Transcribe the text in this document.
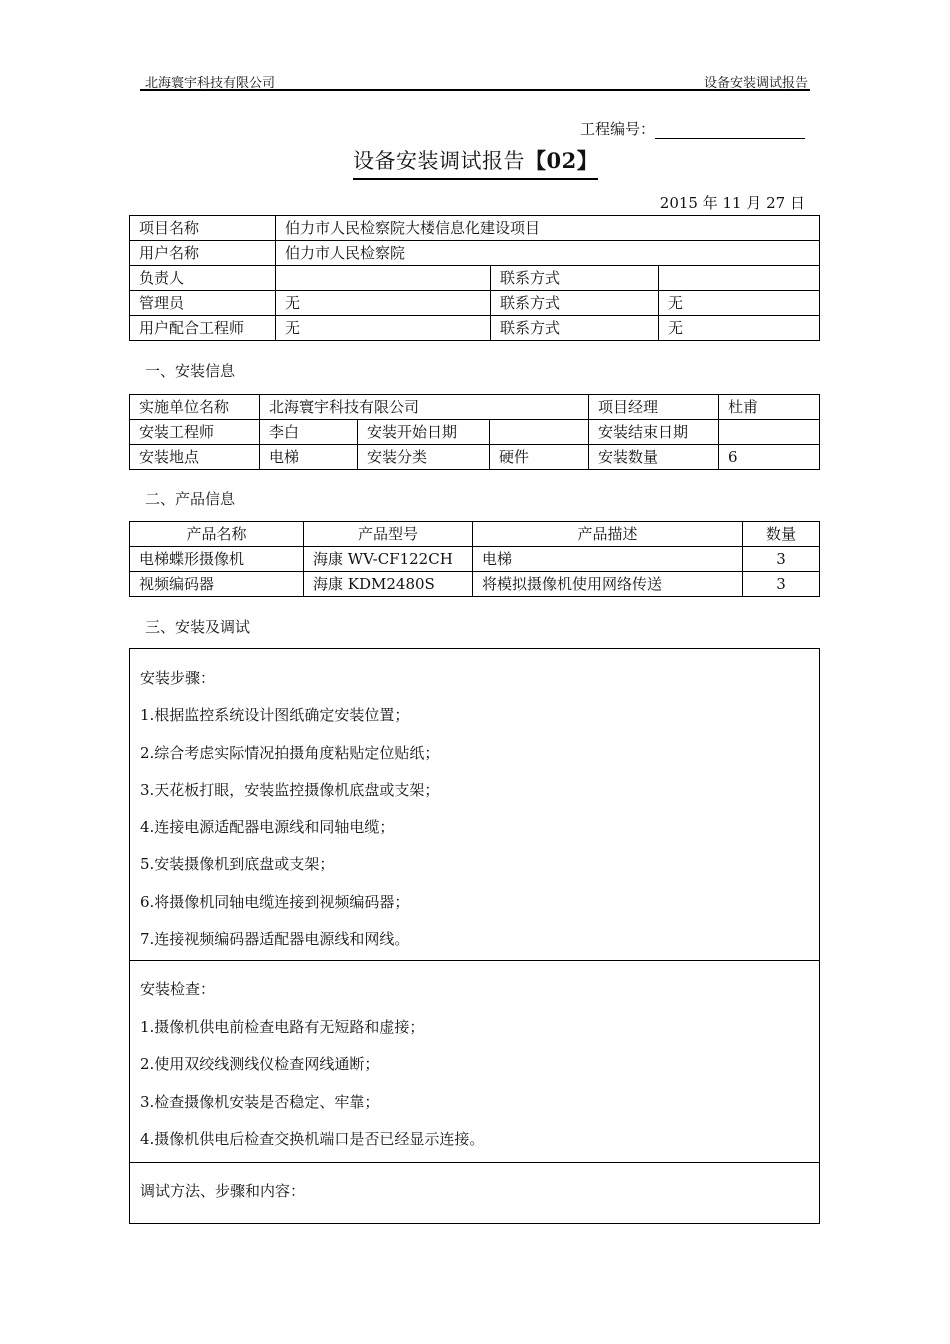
北海寰宇科技有限公司	设备安装调试报告
工程编号：
设备安装调试报告【02】
2015 年 11 月 27 日
项目名称	伯力市人民检察院大楼信息化建设项目		
用户名称	伯力市人民检察院		
负责人		联系方式	
管理员	无	联系方式	无
用户配合工程师	无	联系方式	无
一、安装信息
实施单位名称	北海寰宇科技有限公司			项目经理	杜甫
安装工程师	李白	安装开始日期		安装结束日期	
安装地点	电梯	安装分类	硬件	安装数量	6
二、产品信息
产品名称	产品型号	产品描述	数量
电梯蝶形摄像机	海康 WV-CF122CH	电梯	3
视频编码器	海康 KDM2480S	将模拟摄像机使用网络传送	3
三、安装及调试
安装步骤：
1.根据监控系统设计图纸确定安装位置；
2.综合考虑实际情况拍摄角度粘贴定位贴纸；
3.天花板打眼，安装监控摄像机底盘或支架；
4.连接电源适配器电源线和同轴电缆；
5.安装摄像机到底盘或支架；
6.将摄像机同轴电缆连接到视频编码器；
7.连接视频编码器适配器电源线和网线。
安装检查：
1.摄像机供电前检查电路有无短路和虚接；
2.使用双绞线测线仪检查网线通断；
3.检查摄像机安装是否稳定、牢靠；
4.摄像机供电后检查交换机端口是否已经显示连接。
调试方法、步骤和内容：
